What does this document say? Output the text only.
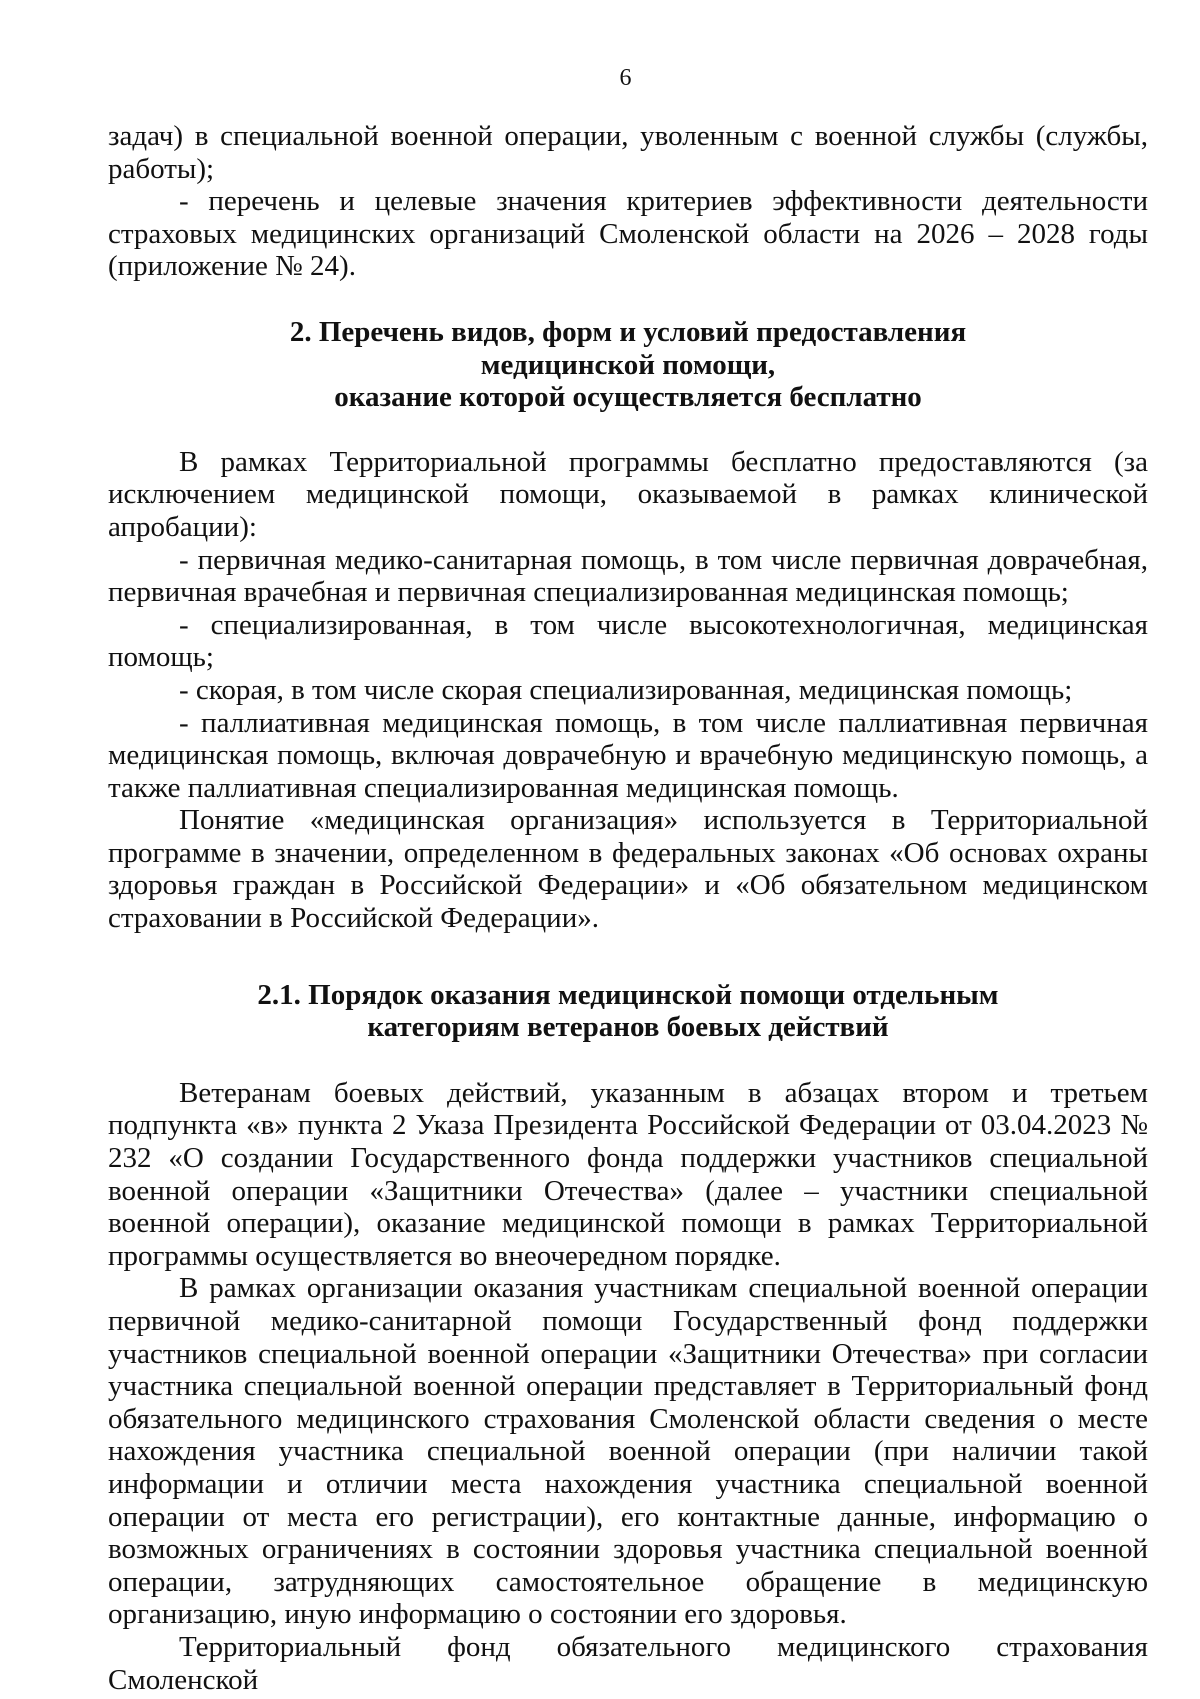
6

задач) в специальной военной операции, уволенным с военной службы (службы, работы);

- перечень и целевые значения критериев эффективности деятельности страховых медицинских организаций Смоленской области на 2026 – 2028 годы (приложение № 24).

2. Перечень видов, форм и условий предоставления
медицинской помощи,
оказание которой осуществляется бесплатно

В рамках Территориальной программы бесплатно предоставляются (за исключением медицинской помощи, оказываемой в рамках клинической апробации):

- первичная медико-санитарная помощь, в том числе первичная доврачебная, первичная врачебная и первичная специализированная медицинская помощь;

- специализированная, в том числе высокотехнологичная, медицинская помощь;

- скорая, в том числе скорая специализированная, медицинская помощь;

- паллиативная медицинская помощь, в том числе паллиативная первичная медицинская помощь, включая доврачебную и врачебную медицинскую помощь, а также паллиативная специализированная медицинская помощь.

Понятие «медицинская организация» используется в Территориальной программе в значении, определенном в федеральных законах «Об основах охраны здоровья граждан в Российской Федерации» и «Об обязательном медицинском страховании в Российской Федерации».

2.1. Порядок оказания медицинской помощи отдельным
категориям ветеранов боевых действий

Ветеранам боевых действий, указанным в абзацах втором и третьем подпункта «в» пункта 2 Указа Президента Российской Федерации от 03.04.2023 № 232 «О создании Государственного фонда поддержки участников специальной военной операции «Защитники Отечества» (далее – участники специальной военной операции), оказание медицинской помощи в рамках Территориальной программы осуществляется во внеочередном порядке.

В рамках организации оказания участникам специальной военной операции первичной медико-санитарной помощи Государственный фонд поддержки участников специальной военной операции «Защитники Отечества» при согласии участника специальной военной операции представляет в Территориальный фонд обязательного медицинского страхования Смоленской области сведения о месте нахождения участника специальной военной операции (при наличии такой информации и отличии места нахождения участника специальной военной операции от места его регистрации), его контактные данные, информацию о возможных ограничениях в состоянии здоровья участника специальной военной операции, затрудняющих самостоятельное обращение в медицинскую организацию, иную информацию о состоянии его здоровья.

Территориальный фонд обязательного медицинского страхования Смоленской
